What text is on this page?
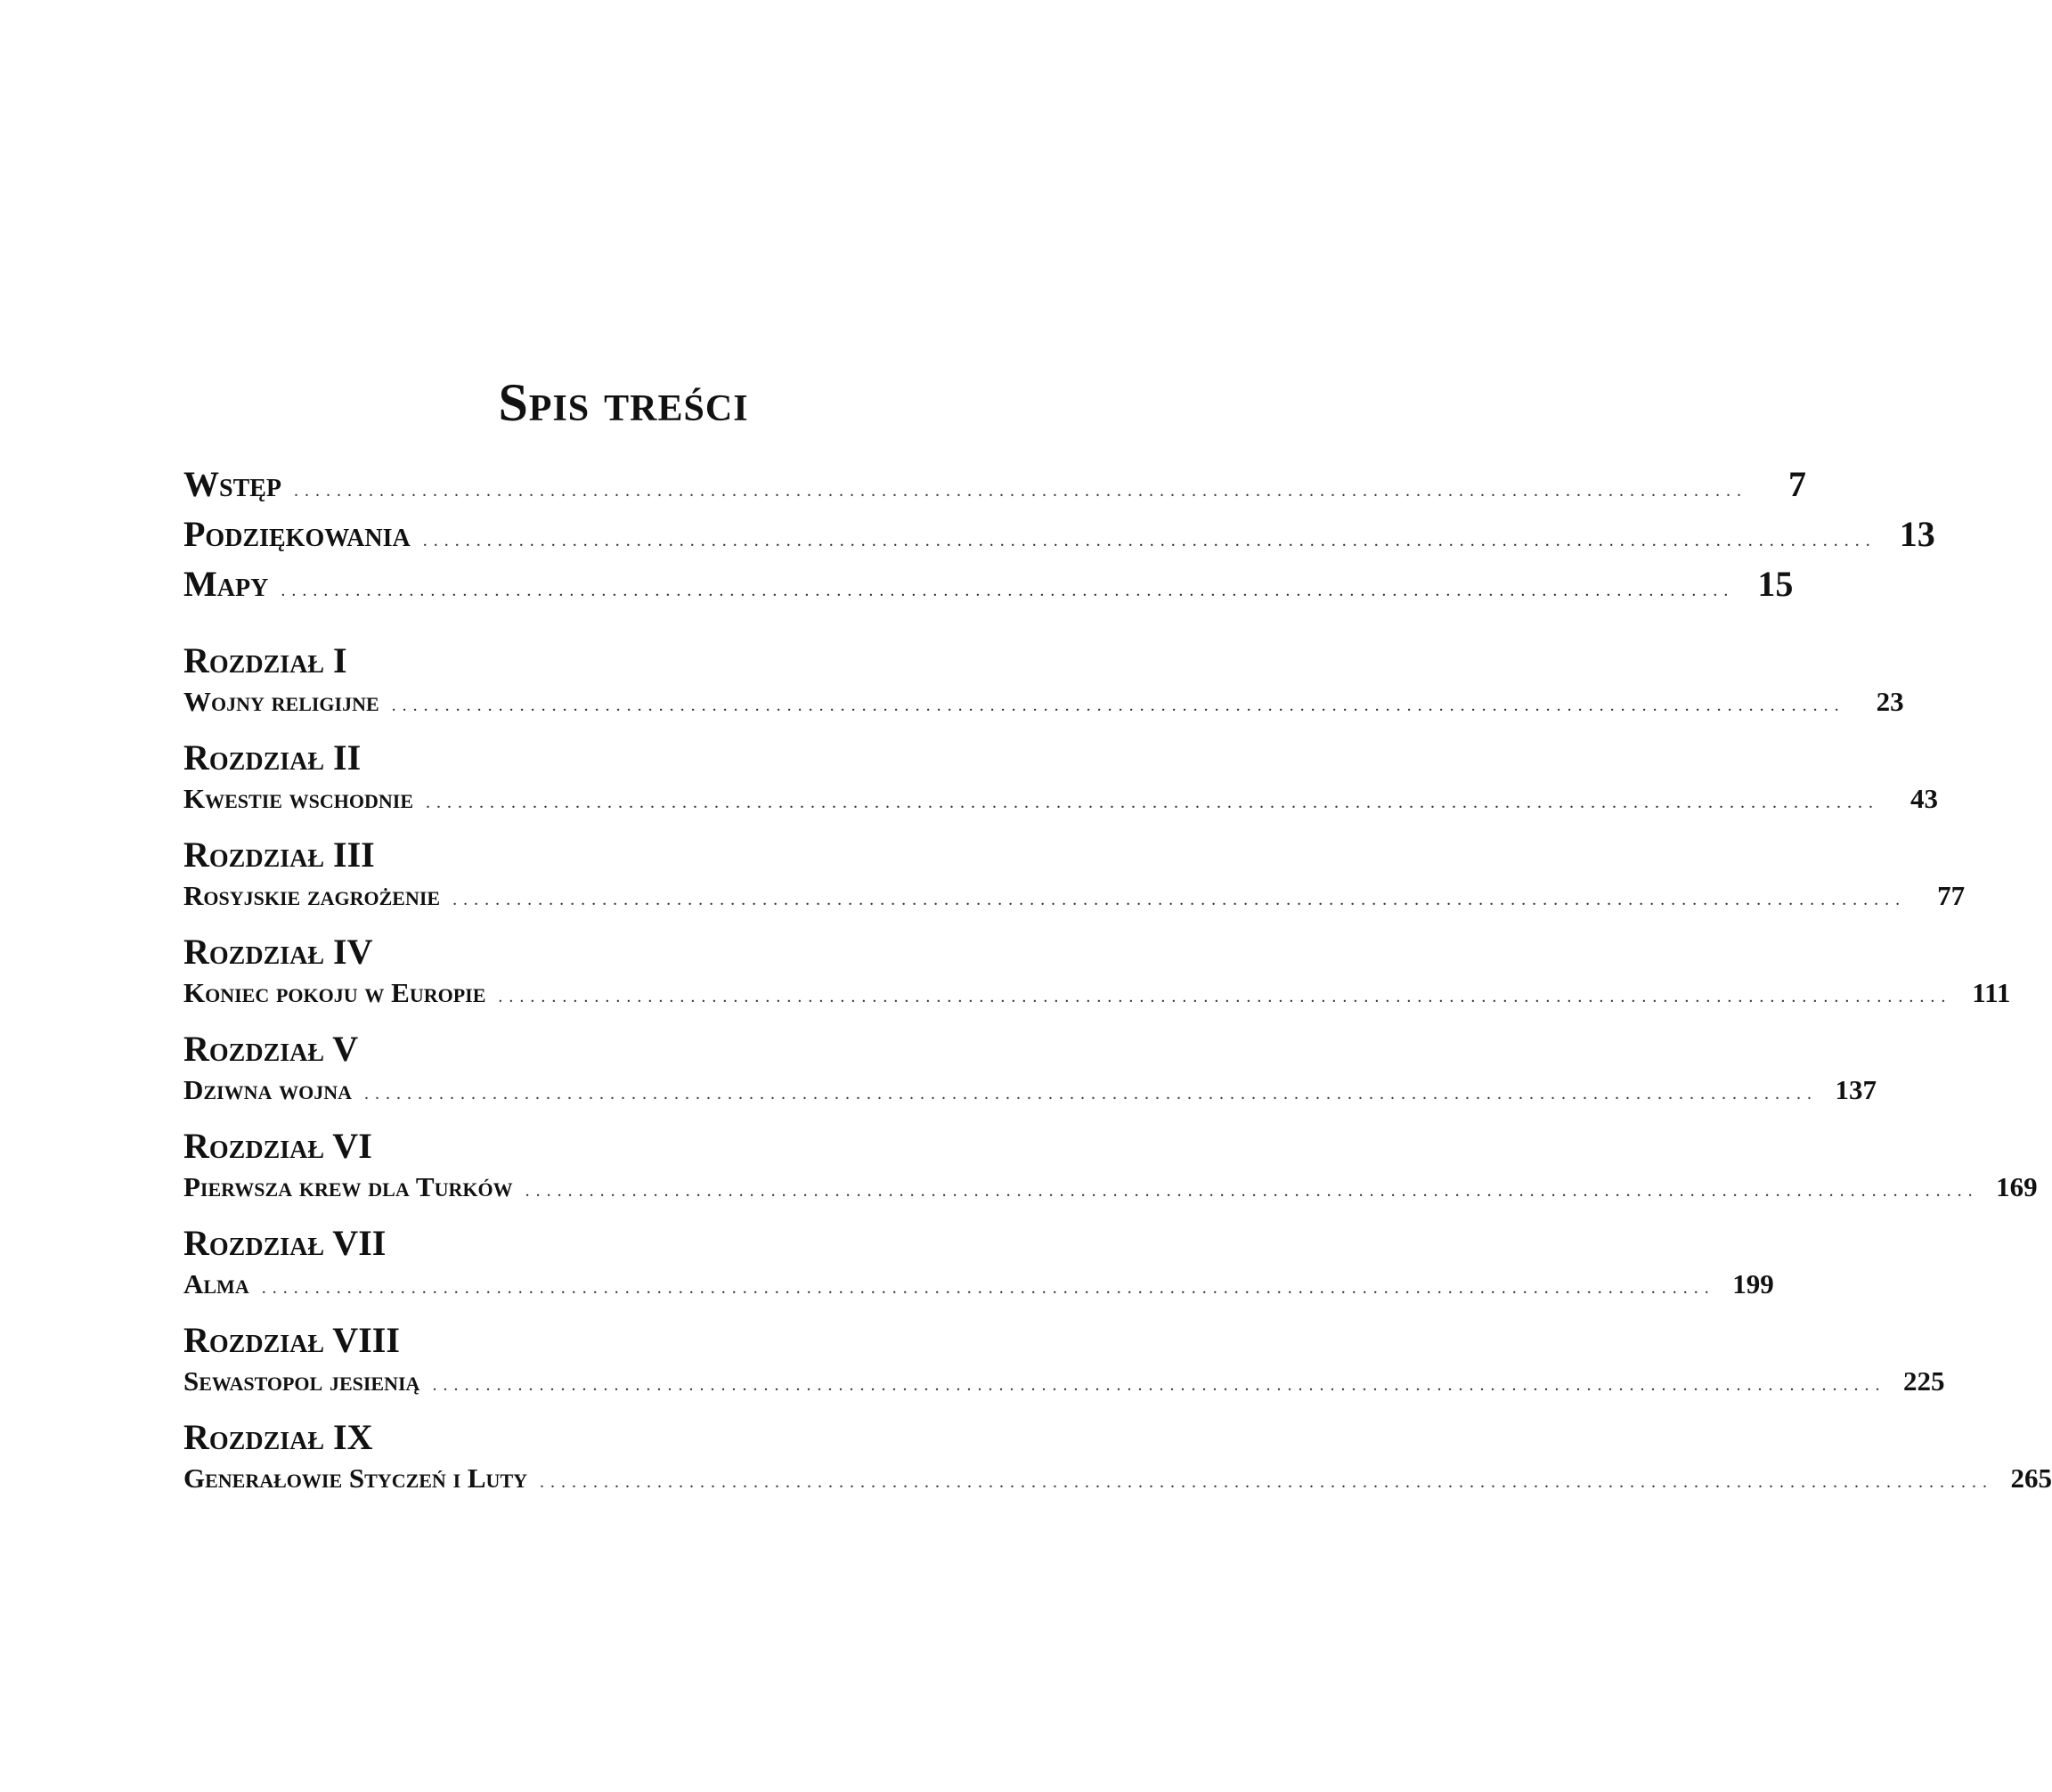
Spis treści
Wstęp ........................................................................................................................................	7
Podziękowania ........................................................................................................................................ 13
Mapy ........................................................................................................................................ 15
Rozdział I
Wojny religijne ........................................................................................................................................	23
Rozdział II
Kwestie wschodnie ........................................................................................................................................	43
Rozdział III
Rosyjskie zagrożenie ........................................................................................................................................	77
Rozdział IV
Koniec pokoju w Europie ........................................................................................................................................ 111
Rozdział V
Dziwna wojna ........................................................................................................................................ 137
Rozdział VI
Pierwsza krew dla Turków ........................................................................................................................................ 169
Rozdział VII
Alma ........................................................................................................................................ 199
Rozdział VIII
Sewastopol jesienią ........................................................................................................................................ 225
Rozdział IX
Generałowie Styczeń i Luty ........................................................................................................................................ 265
